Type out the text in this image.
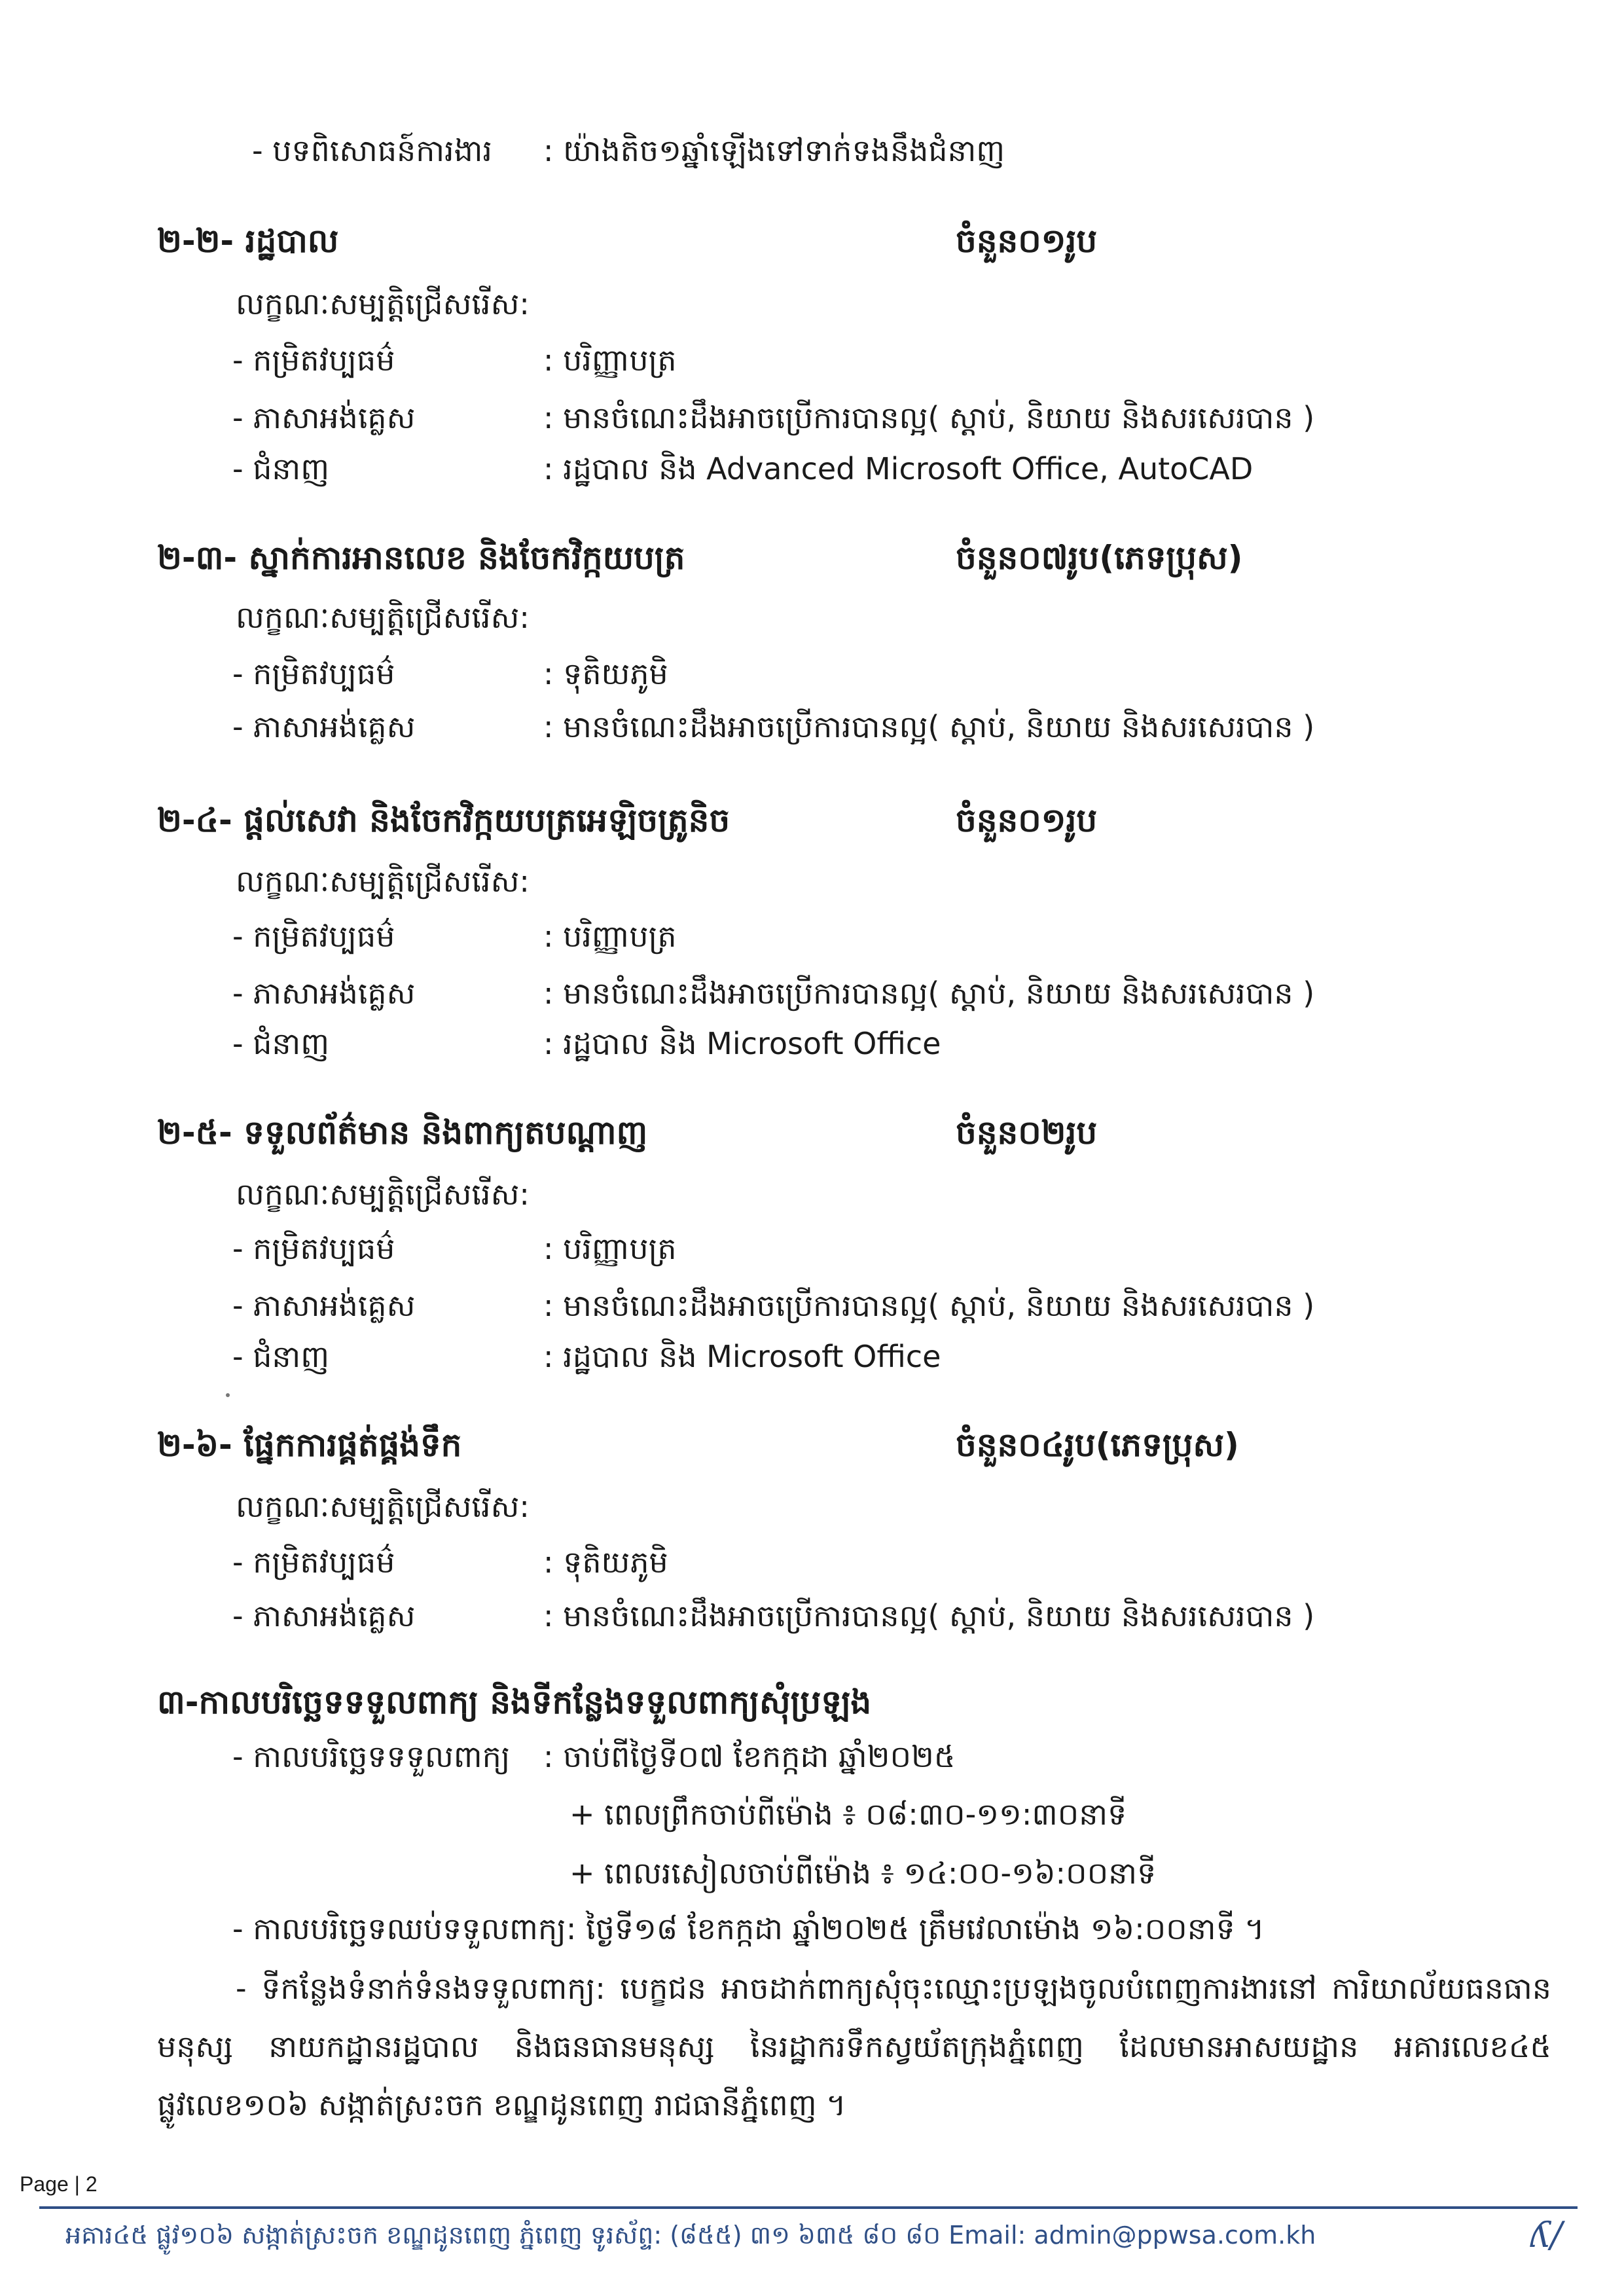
- បទពិសោធន៍ការងារ : យ៉ាងតិច១ឆ្នាំឡើងទៅទាក់ទងនឹងជំនាញ
២-២- រដ្ឋបាល	ចំនួន០១រូប
លក្ខណៈសម្បត្តិជ្រើសរើស:
- កម្រិតវប្បធម៌	: បរិញ្ញាបត្រ
- ភាសាអង់គ្លេស	: មានចំណេះដឹងអាចប្រើការបានល្អ( ស្តាប់, និយាយ និងសរសេរបាន )
- ជំនាញ	: រដ្ឋបាល និង Advanced Microsoft Office, AutoCAD
២-៣- ស្នាក់ការអានលេខ និងចែកវិក្កយបត្រ	ចំនួន០៧រូប(ភេទប្រុស)
លក្ខណៈសម្បត្តិជ្រើសរើស:
- កម្រិតវប្បធម៌	: ទុតិយភូមិ
- ភាសាអង់គ្លេស	: មានចំណេះដឹងអាចប្រើការបានល្អ( ស្តាប់, និយាយ និងសរសេរបាន )
២-៤- ផ្តល់សេវា និងចែកវិក្កយបត្រអេឡិចត្រូនិច	ចំនួន០១រូប
លក្ខណៈសម្បត្តិជ្រើសរើស:
- កម្រិតវប្បធម៌	: បរិញ្ញាបត្រ
- ភាសាអង់គ្លេស	: មានចំណេះដឹងអាចប្រើការបានល្អ( ស្តាប់, និយាយ និងសរសេរបាន )
- ជំនាញ	: រដ្ឋបាល និង Microsoft Office
២-៥- ទទួលព័ត៌មាន និងពាក្យតបណ្តាញ	ចំនួន០២រូប
លក្ខណៈសម្បត្តិជ្រើសរើស:
- កម្រិតវប្បធម៌	: បរិញ្ញាបត្រ
- ភាសាអង់គ្លេស	: មានចំណេះដឹងអាចប្រើការបានល្អ( ស្តាប់, និយាយ និងសរសេរបាន )
- ជំនាញ	: រដ្ឋបាល និង Microsoft Office
២-៦- ផ្នែកការផ្គត់ផ្គង់ទឹក	ចំនួន០៤រូប(ភេទប្រុស)
លក្ខណៈសម្បត្តិជ្រើសរើស:
- កម្រិតវប្បធម៌	: ទុតិយភូមិ
- ភាសាអង់គ្លេស	: មានចំណេះដឹងអាចប្រើការបានល្អ( ស្តាប់, និយាយ និងសរសេរបាន )
៣-កាលបរិច្ឆេទទទួលពាក្យ និងទីកន្លែងទទួលពាក្យសុំប្រឡង
- កាលបរិច្ឆេទទទួលពាក្យ : ចាប់ពីថ្ងៃទី០៧ ខែកក្កដា ឆ្នាំ២០២៥
+ ពេលព្រឹកចាប់ពីម៉ោង ៖ ០៨:៣០-១១:៣០នាទី
+ ពេលរសៀលចាប់ពីម៉ោង ៖ ១៤:០០-១៦:០០នាទី
- កាលបរិច្ឆេទឈប់ទទួលពាក្យ: ថ្ងៃទី១៨ ខែកក្កដា ឆ្នាំ២០២៥ ត្រឹមវេលាម៉ោង ១៦:០០នាទី ។
- ទីកន្លែងទំនាក់ទំនងទទួលពាក្យ: បេក្ខជន អាចដាក់ពាក្យសុំចុះឈ្មោះប្រឡងចូលបំពេញការងារនៅ ការិយាល័យធនធានមនុស្ស នាយកដ្ឋានរដ្ឋបាល និងធនធានមនុស្ស នៃរដ្ឋាករទឹកស្វយ័តក្រុងភ្នំពេញ ដែលមានអាសយដ្ឋាន អគារលេខ៤៥ ផ្លូវលេខ១០៦ សង្កាត់ស្រះចក ខណ្ឌដូនពេញ រាជធានីភ្នំពេញ ។
Page | 2
អគារ៤៥ ផ្លូវ១០៦ សង្កាត់ស្រះចក ខណ្ឌដូនពេញ ភ្នំពេញ ទូរស័ព្ទ: (៨៥៥) ៣១ ៦៣៥ ៨០ ៨០ Email: admin@ppwsa.com.kh	ʎ/
